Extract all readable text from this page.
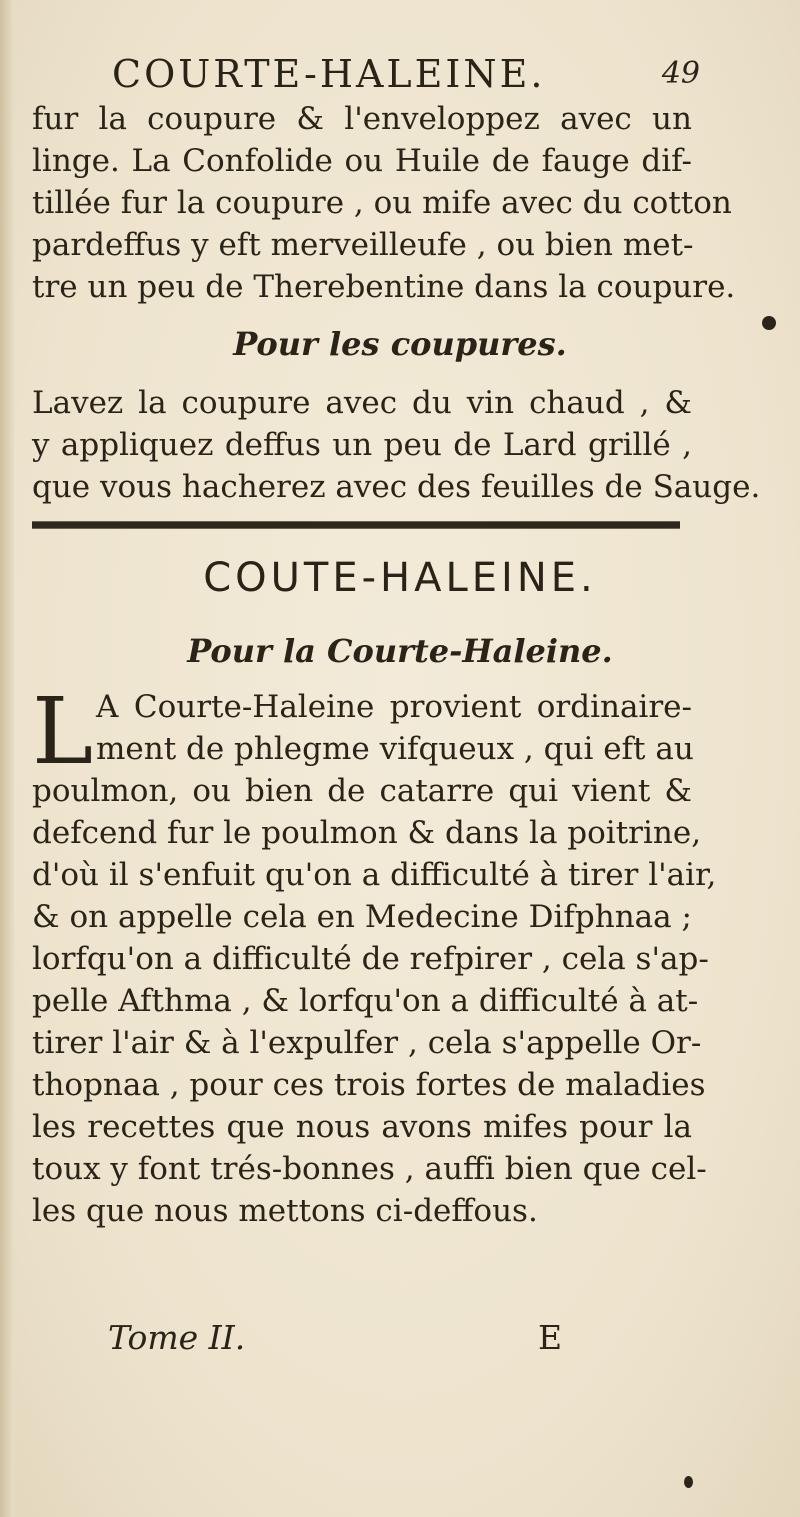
COURTE-HALEINE.	49
fur la coupure & l'enveloppez avec un
linge. La Confolide ou Huile de fauge dif-
tillée fur la coupure , ou mife avec du cotton
pardeffus y eft merveilleufe , ou bien met-
tre un peu de Therebentine dans la coupure.
Pour les coupures.
Lavez la coupure avec du vin chaud , &
y appliquez deffus un peu de Lard grillé ,
que vous hacherez avec des feuilles de Sauge.
COUTE-HALEINE.
Pour la Courte-Haleine.
L A Courte-Haleine provient ordinaire-
ment de phlegme vifqueux , qui eft au
poulmon, ou bien de catarre qui vient &
defcend fur le poulmon & dans la poitrine,
d'où il s'enfuit qu'on a difficulté à tirer l'air,
& on appelle cela en Medecine Difphnaa ;
lorfqu'on a difficulté de refpirer , cela s'ap-
pelle Afthma , & lorfqu'on a difficulté à at-
tirer l'air & à l'expulfer , cela s'appelle Or-
thopnaa , pour ces trois fortes de maladies
les recettes que nous avons mifes pour la
toux y font trés-bonnes , auffi bien que cel-
les que nous mettons ci-deffous.
Tome II.	E
